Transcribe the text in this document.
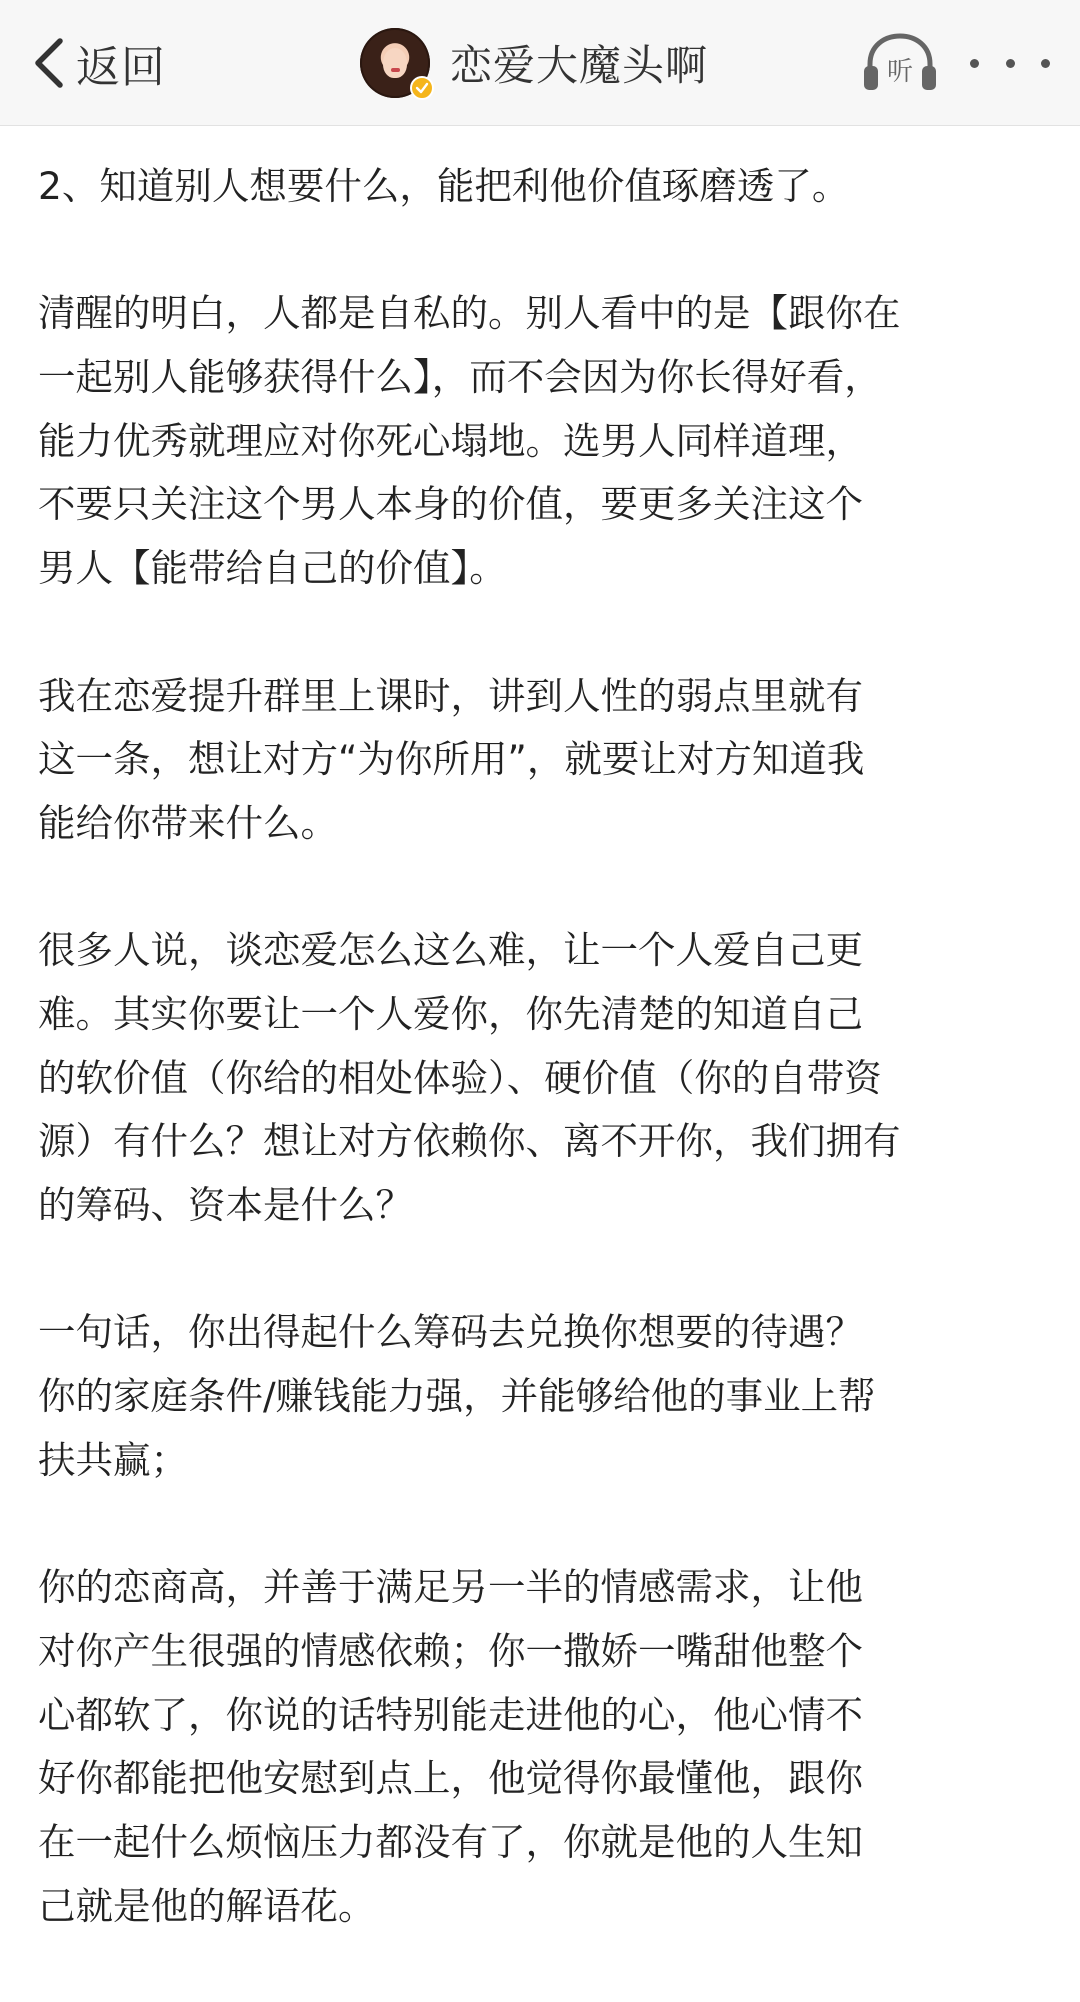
返回	恋爱大魔头啊	听

2、知道别人想要什么，能把利他价值琢磨透了。

清醒的明白，人都是自私的。别人看中的是【跟你在
一起别人能够获得什么】，而不会因为你长得好看，
能力优秀就理应对你死心塌地。选男人同样道理，
不要只关注这个男人本身的价值，要更多关注这个
男人【能带给自己的价值】。

我在恋爱提升群里上课时，讲到人性的弱点里就有
这一条，想让对方“为你所用”，就要让对方知道我
能给你带来什么。

很多人说，谈恋爱怎么这么难，让一个人爱自己更
难。其实你要让一个人爱你，你先清楚的知道自己
的软价值（你给的相处体验）、硬价值（你的自带资
源）有什么？想让对方依赖你、离不开你，我们拥有
的筹码、资本是什么？

一句话，你出得起什么筹码去兑换你想要的待遇？
你的家庭条件/赚钱能力强，并能够给他的事业上帮
扶共赢；

你的恋商高，并善于满足另一半的情感需求，让他
对你产生很强的情感依赖；你一撒娇一嘴甜他整个
心都软了，你说的话特别能走进他的心，他心情不
好你都能把他安慰到点上，他觉得你最懂他，跟你
在一起什么烦恼压力都没有了，你就是他的人生知
己就是他的解语花。
